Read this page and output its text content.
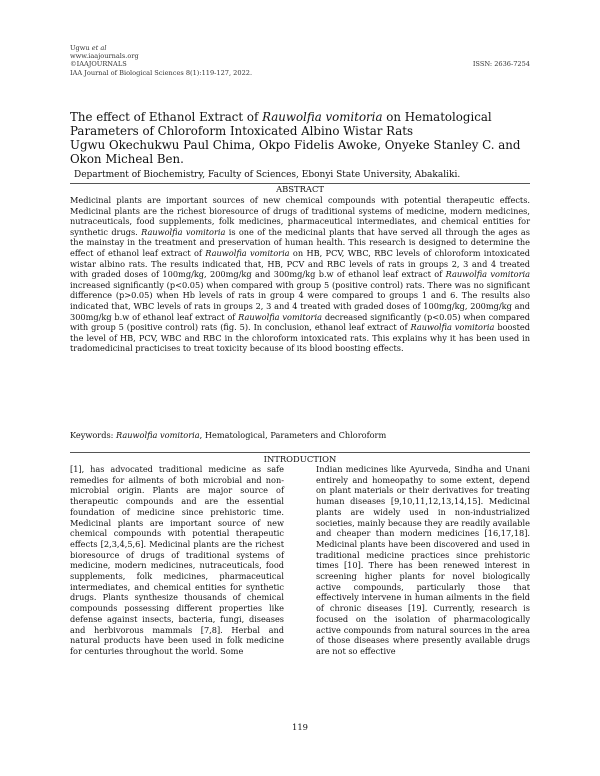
Ugwu et al
www.iaajournals.org
©IAAJOURNALS
IAA Journal of Biological Sciences 8(1):119-127, 2022.
ISSN: 2636-7254
The effect of Ethanol Extract of Rauwolfia vomitoria on Hematological Parameters of Chloroform Intoxicated Albino Wistar Rats
Ugwu Okechukwu Paul Chima, Okpo Fidelis Awoke, Onyeke Stanley C. and Okon Micheal Ben.
Department of Biochemistry, Faculty of Sciences, Ebonyi State University, Abakaliki.
ABSTRACT
Medicinal plants are important sources of new chemical compounds with potential therapeutic effects. Medicinal plants are the richest bioresource of drugs of traditional systems of medicine, modern medicines, nutraceuticals, food supplements, folk medicines, pharmaceutical intermediates, and chemical entities for synthetic drugs. Rauwolfia vomitoria is one of the medicinal plants that have served all through the ages as the mainstay in the treatment and preservation of human health. This research is designed to determine the effect of ethanol leaf extract of Rauwolfia vomitoria on HB, PCV, WBC, RBC levels of chloroform intoxicated wistar albino rats. The results indicated that, HB, PCV and RBC levels of rats in groups 2, 3 and 4 treated with graded doses of 100mg/kg, 200mg/kg and 300mg/kg b.w of ethanol leaf extract of Rauwolfia vomitoria increased significantly (p<0.05) when compared with group 5 (positive control) rats. There was no significant difference (p>0.05) when Hb levels of rats in group 4 were compared to groups 1 and 6. The results also indicated that, WBC levels of rats in groups 2, 3 and 4 treated with graded doses of 100mg/kg, 200mg/kg and 300mg/kg b.w of ethanol leaf extract of Rauwolfia vomitoria decreased significantly (p<0.05) when compared with group 5 (positive control) rats (fig. 5). In conclusion, ethanol leaf extract of Rauwolfia vomitoria boosted the level of HB, PCV, WBC and RBC in the chloroform intoxicated rats. This explains why it has been used in tradomedicinal practicises to treat toxicity because of its blood boosting effects.
Keywords: Rauwolfia vomitoria, Hematological, Parameters and Chloroform
INTRODUCTION
[1], has advocated traditional medicine as safe remedies for ailments of both microbial and non-microbial origin. Plants are major source of therapeutic compounds and are the essential foundation of medicine since prehistoric time. Medicinal plants are important source of new chemical compounds with potential therapeutic effects [2,3,4,5,6]. Medicinal plants are the richest bioresource of drugs of traditional systems of medicine, modern medicines, nutraceuticals, food supplements, folk medicines, pharmaceutical intermediates, and chemical entities for synthetic drugs. Plants synthesize thousands of chemical compounds possessing different properties like defense against insects, bacteria, fungi, diseases and herbivorous mammals [7,8]. Herbal and natural products have been used in folk medicine for centuries throughout the world. Some
Indian medicines like Ayurveda, Sindha and Unani entirely and homeopathy to some extent, depend on plant materials or their derivatives for treating human diseases [9,10,11,12,13,14,15]. Medicinal plants are widely used in non-industrialized societies, mainly because they are readily available and cheaper than modern medicines [16,17,18]. Medicinal plants have been discovered and used in traditional medicine practices since prehistoric times [10]. There has been renewed interest in screening higher plants for novel biologically active compounds, particularly those that effectively intervene in human ailments in the field of chronic diseases [19]. Currently, research is focused on the isolation of pharmacologically active compounds from natural sources in the area of those diseases where presently available drugs are not so effective
119
